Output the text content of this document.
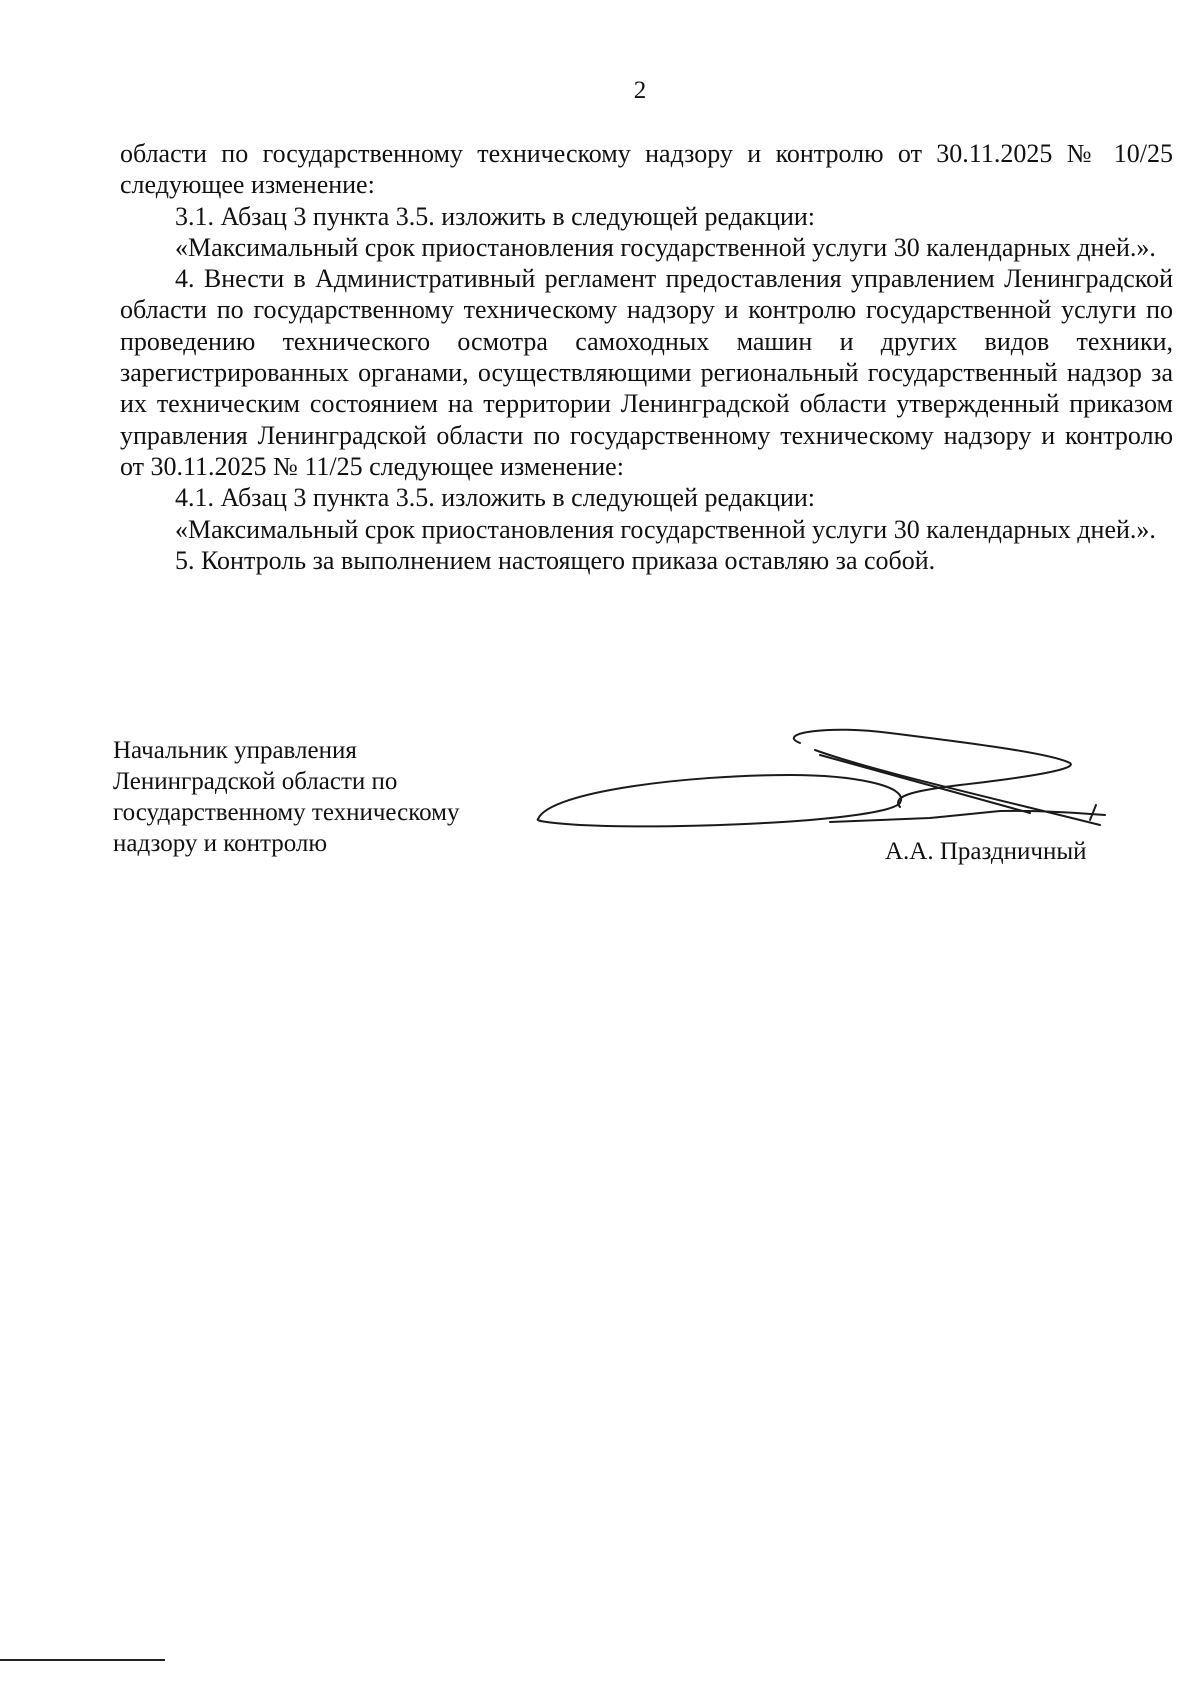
2

области по государственному техническому надзору и контролю от 30.11.2025 № 10/25 следующее изменение:

3.1. Абзац 3 пункта 3.5. изложить в следующей редакции:

«Максимальный срок приостановления государственной услуги 30 календарных дней.».

4. Внести в Административный регламент предоставления управлением Ленинградской области по государственному техническому надзору и контролю государственной услуги по проведению технического осмотра самоходных машин и других видов техники, зарегистрированных органами, осуществляющими региональный государственный надзор за их техническим состоянием на территории Ленинградской области утвержденный приказом управления Ленинградской области по государственному техническому надзору и контролю от 30.11.2025 № 11/25 следующее изменение:

4.1. Абзац 3 пункта 3.5. изложить в следующей редакции:

«Максимальный срок приостановления государственной услуги 30 календарных дней.».

5. Контроль за выполнением настоящего приказа оставляю за собой.

Начальник управления
Ленинградской области по
государственному техническому
надзору и контролю	А.А. Праздничный
